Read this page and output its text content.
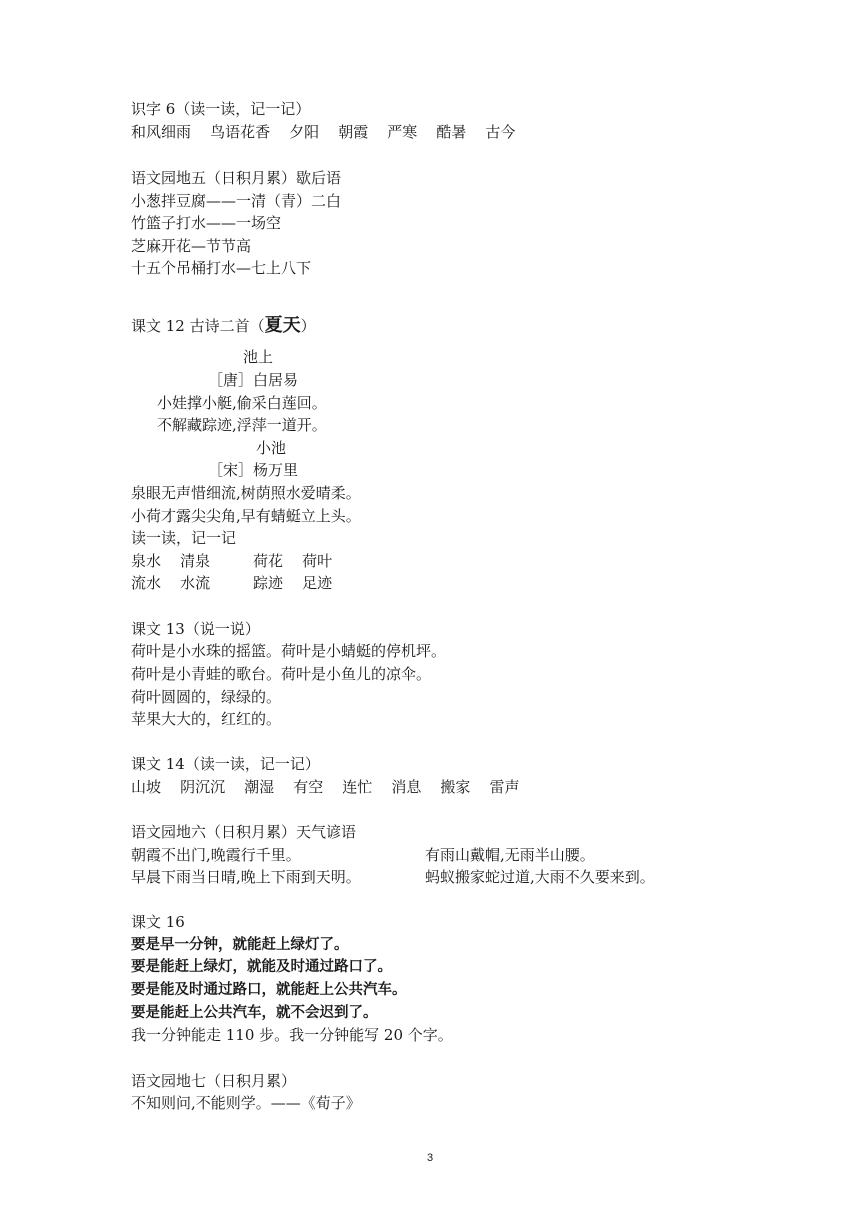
识字 6（读一读，记一记）
和风细雨    鸟语花香    夕阳    朝霞    严寒    酷暑    古今
语文园地五（日积月累）歇后语
小葱拌豆腐——一清（青）二白
竹篮子打水——一场空
芝麻开花—节节高
十五个吊桶打水—七上八下
课文 12 古诗二首（夏天）
池上
［唐］白居易
小娃撑小艇,偷采白莲回。
不解藏踪迹,浮萍一道开。
小池
［宋］杨万里
泉眼无声惜细流,树荫照水爱晴柔。
小荷才露尖尖角,早有蜻蜓立上头。
读一读，记一记
泉水    清泉	荷花    荷叶
流水    水流	踪迹    足迹
课文 13（说一说）
荷叶是小水珠的摇篮。荷叶是小蜻蜓的停机坪。
荷叶是小青蛙的歌台。荷叶是小鱼儿的凉伞。
荷叶圆圆的，绿绿的。
苹果大大的，红红的。
课文 14（读一读，记一记）
山坡    阴沉沉    潮湿    有空    连忙    消息    搬家    雷声
语文园地六（日积月累）天气谚语
朝霞不出门,晚霞行千里。	有雨山戴帽,无雨半山腰。
早晨下雨当日晴,晚上下雨到天明。	蚂蚁搬家蛇过道,大雨不久要来到。
课文 16
要是早一分钟，就能赶上绿灯了。
要是能赶上绿灯，就能及时通过路口了。
要是能及时通过路口，就能赶上公共汽车。
要是能赶上公共汽车，就不会迟到了。
我一分钟能走 110 步。我一分钟能写 20 个字。
语文园地七（日积月累）
不知则问,不能则学。——《荀子》
3
